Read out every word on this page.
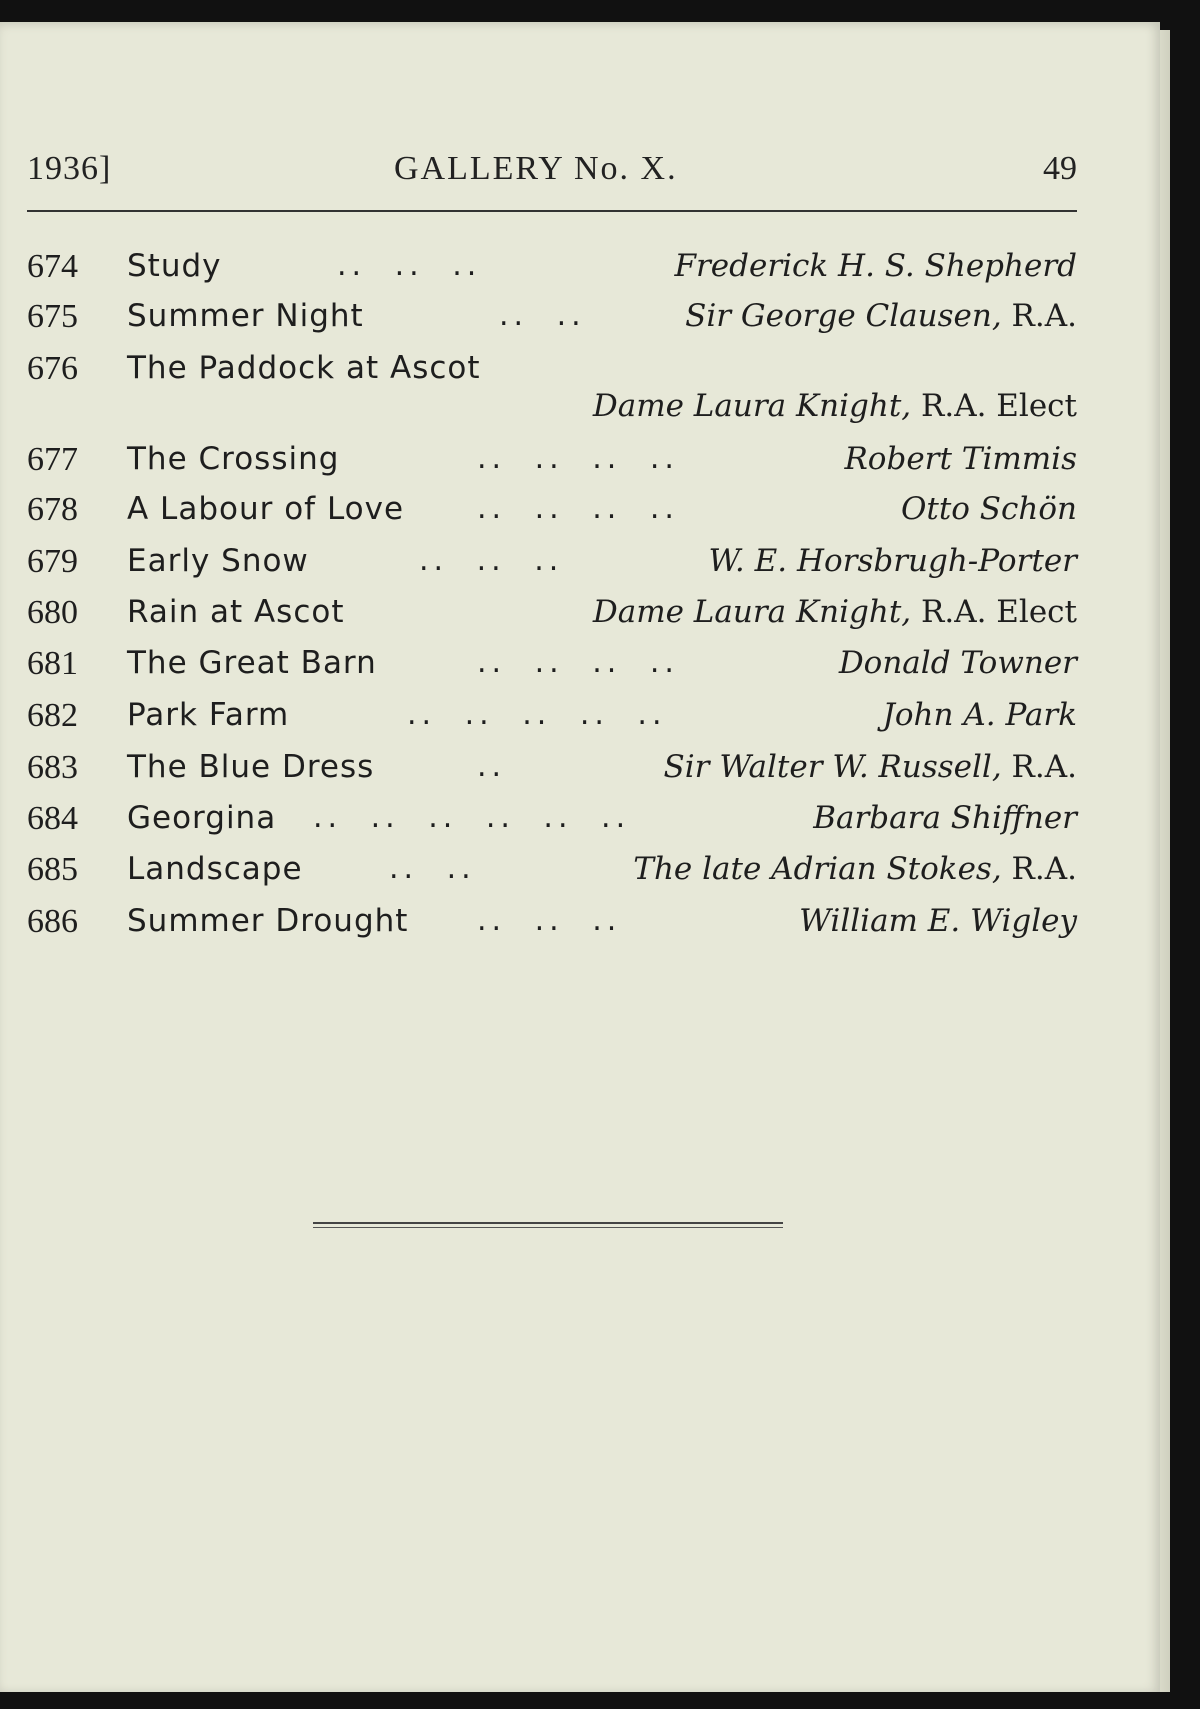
1936]	GALLERY No. X.	49
674 Study	.. .. ..	Frederick H. S. Shepherd
675 Summer Night	.. ..	Sir George Clausen, R.A.
676 The Paddock at Ascot
Dame Laura Knight, R.A. Elect
677 The Crossing	.. .. .. ..	Robert Timmis
678 A Labour of Love .. .. .. ..	Otto Schön
679 Early Snow	.. .. ..	W. E. Horsbrugh-Porter
680 Rain at Ascot	Dame Laura Knight, R.A. Elect
681 The Great Barn	.. .. .. ..	Donald Towner
682 Park Farm	.. .. .. .. ..	John A. Park
683 The Blue Dress	..	Sir Walter W. Russell, R.A.
684 Georgina .. .. .. .. .. ..	Barbara Shiffner
685 Landscape	.. ..	The late Adrian Stokes, R.A.
686 Summer Drought .. .. ..	William E. Wigley
